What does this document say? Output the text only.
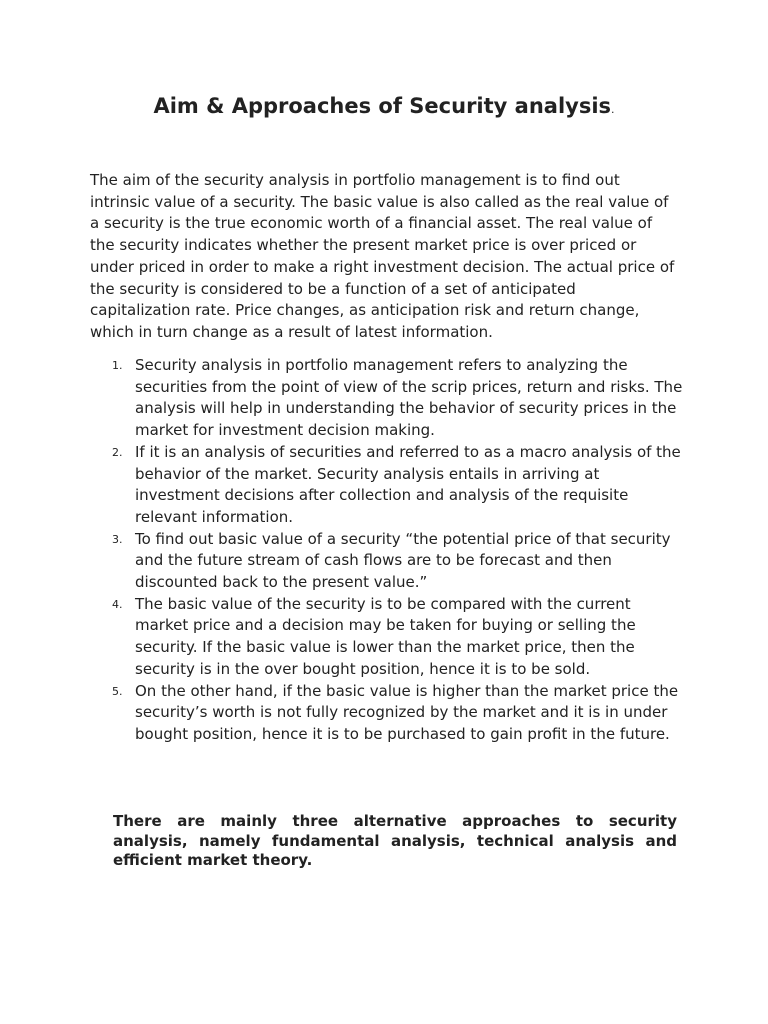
Aim & Approaches of Security analysis.

The aim of the security analysis in portfolio management is to find out intrinsic value of a security. The basic value is also called as the real value of a security is the true economic worth of a financial asset. The real value of the security indicates whether the present market price is over priced or under priced in order to make a right investment decision. The actual price of the security is considered to be a function of a set of anticipated capitalization rate. Price changes, as anticipation risk and return change, which in turn change as a result of latest information.

1. Security analysis in portfolio management refers to analyzing the securities from the point of view of the scrip prices, return and risks. The analysis will help in understanding the behavior of security prices in the market for investment decision making.
2. If it is an analysis of securities and referred to as a macro analysis of the behavior of the market. Security analysis entails in arriving at investment decisions after collection and analysis of the requisite relevant information.
3. To find out basic value of a security “the potential price of that security and the future stream of cash flows are to be forecast and then discounted back to the present value.”
4. The basic value of the security is to be compared with the current market price and a decision may be taken for buying or selling the security. If the basic value is lower than the market price, then the security is in the over bought position, hence it is to be sold.
5. On the other hand, if the basic value is higher than the market price the security’s worth is not fully recognized by the market and it is in under bought position, hence it is to be purchased to gain profit in the future.

There are mainly three alternative approaches to security analysis, namely fundamental analysis, technical analysis and efficient market theory.
